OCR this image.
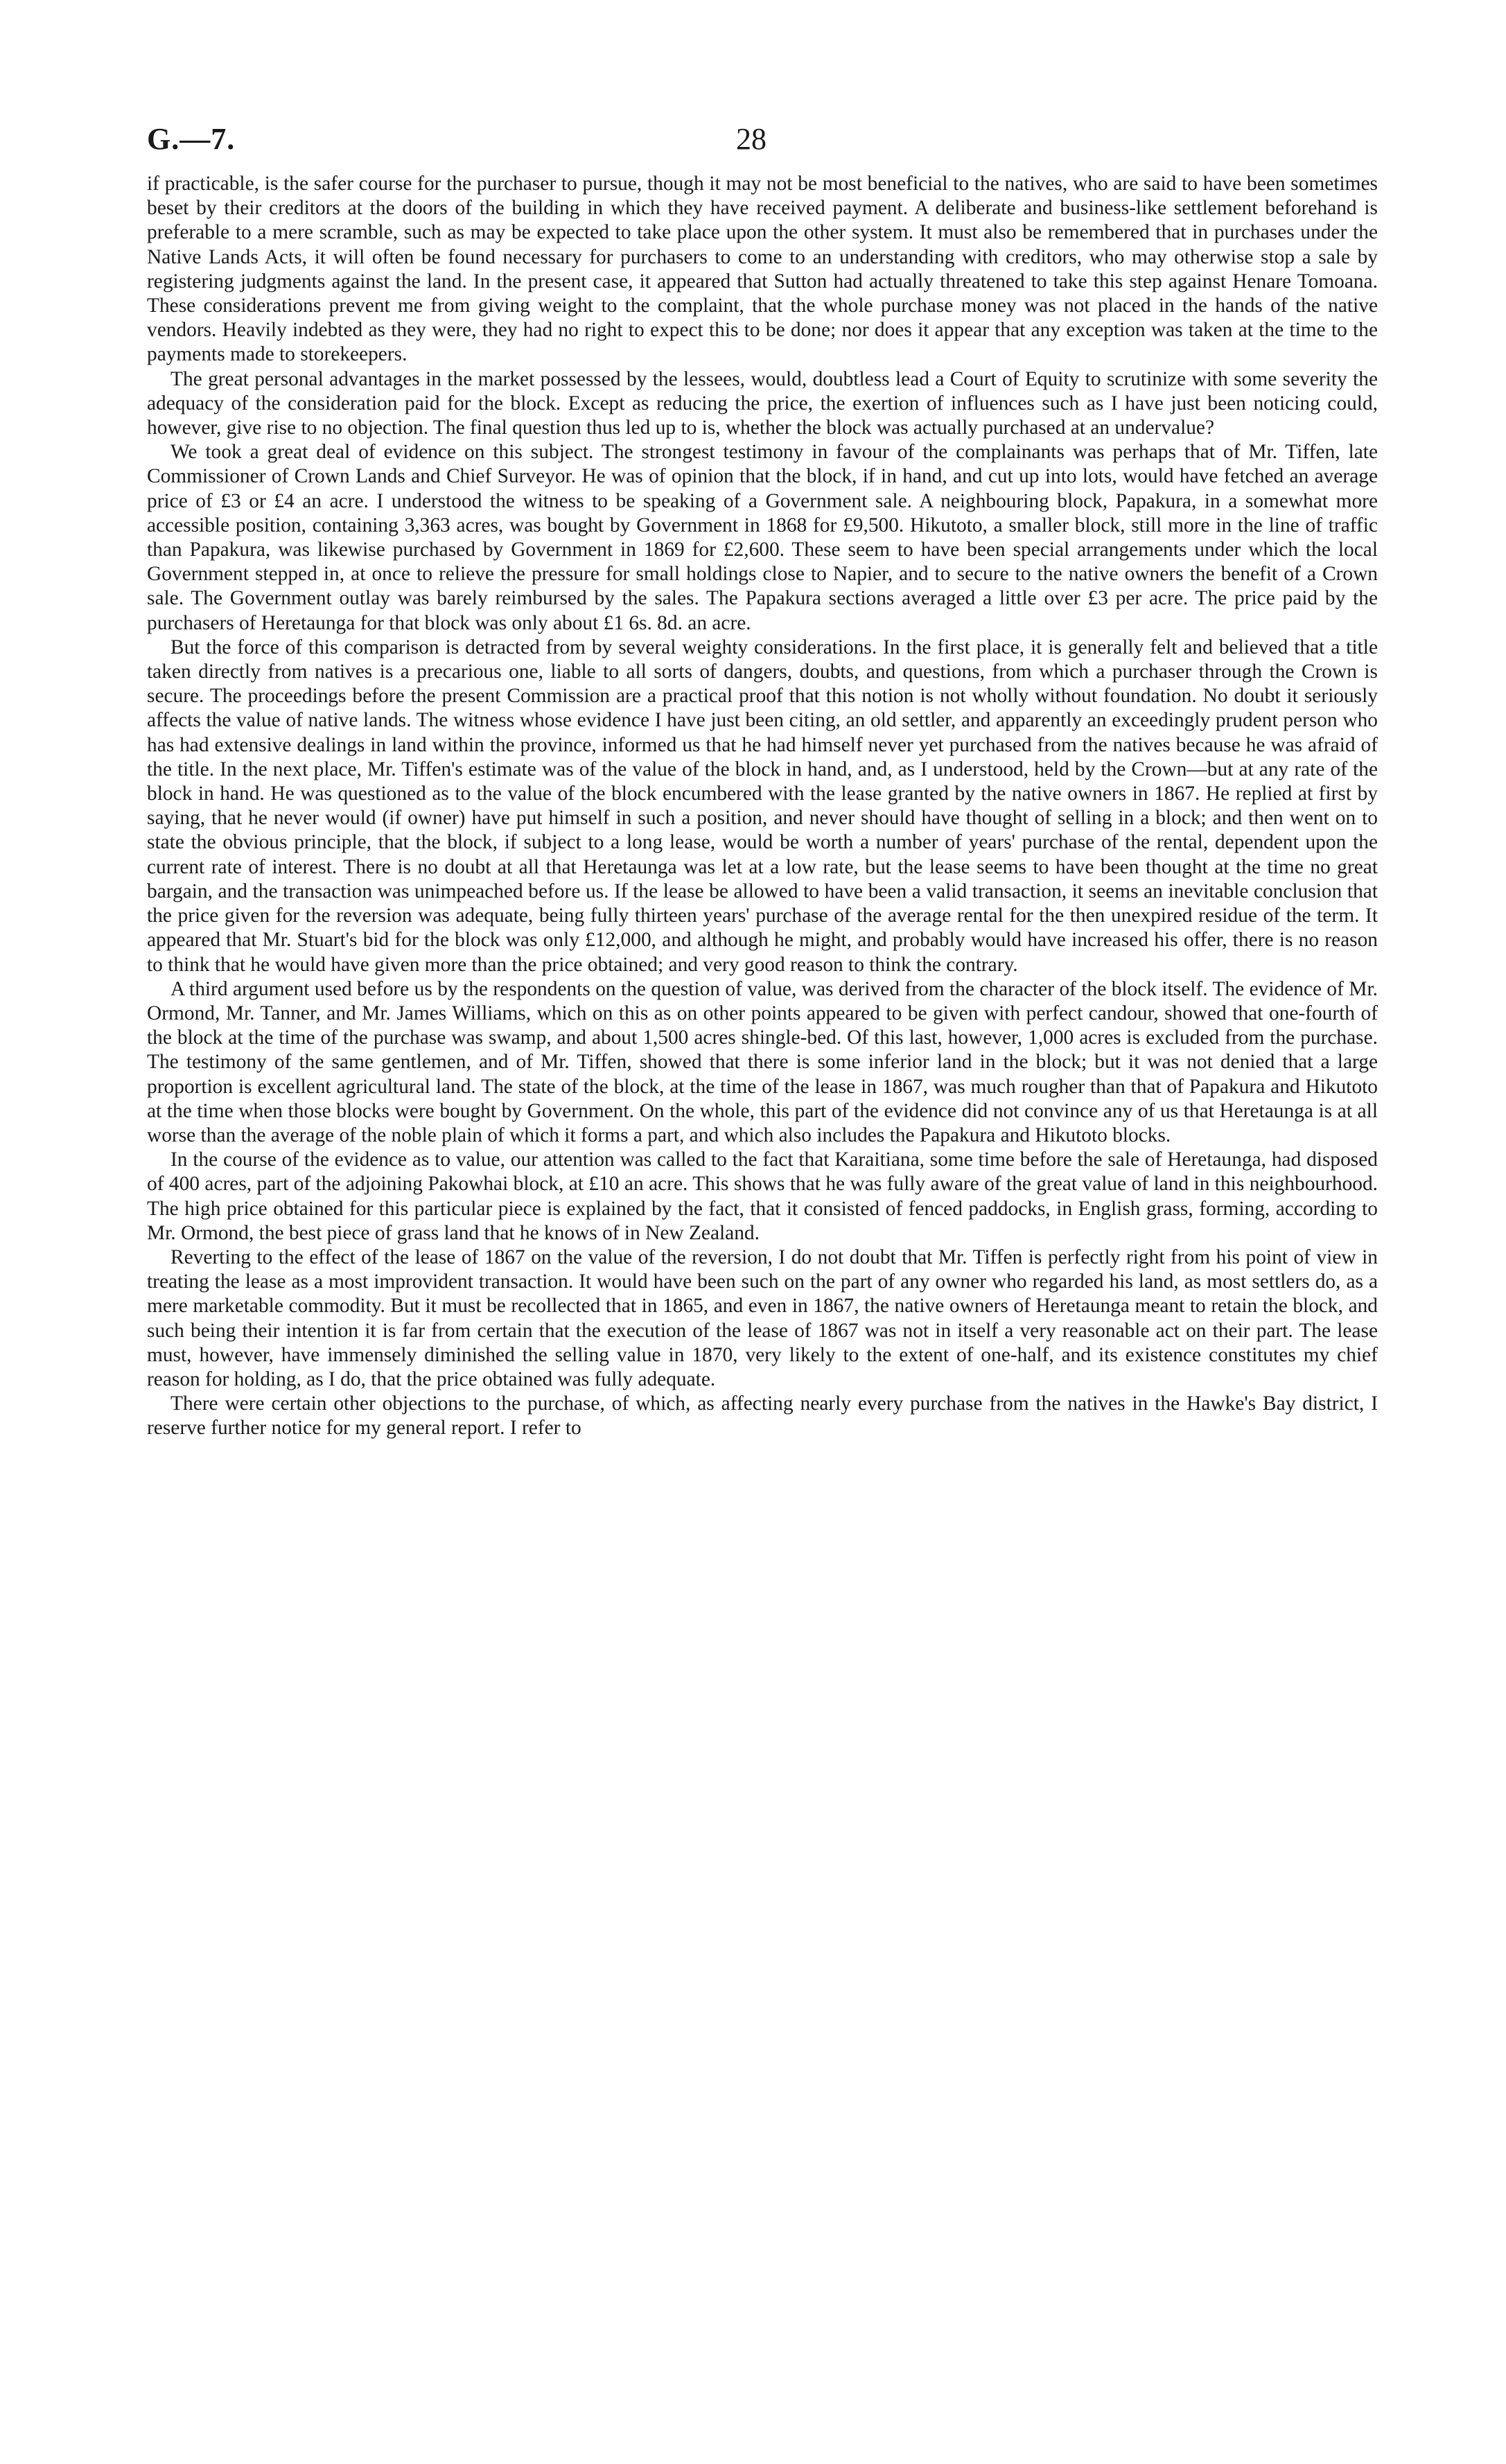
G.—7.	28

if practicable, is the safer course for the purchaser to pursue, though it may not be most beneficial to the natives, who are said to have been sometimes beset by their creditors at the doors of the building in which they have received payment. A deliberate and business-like settlement beforehand is preferable to a mere scramble, such as may be expected to take place upon the other system. It must also be remembered that in purchases under the Native Lands Acts, it will often be found necessary for purchasers to come to an understanding with creditors, who may otherwise stop a sale by registering judgments against the land. In the present case, it appeared that Sutton had actually threatened to take this step against Henare Tomoana. These considerations prevent me from giving weight to the complaint, that the whole purchase money was not placed in the hands of the native vendors. Heavily indebted as they were, they had no right to expect this to be done; nor does it appear that any exception was taken at the time to the payments made to storekeepers.

The great personal advantages in the market possessed by the lessees, would, doubtless lead a Court of Equity to scrutinize with some severity the adequacy of the consideration paid for the block. Except as reducing the price, the exertion of influences such as I have just been noticing could, however, give rise to no objection. The final question thus led up to is, whether the block was actually purchased at an undervalue?

We took a great deal of evidence on this subject. The strongest testimony in favour of the complainants was perhaps that of Mr. Tiffen, late Commissioner of Crown Lands and Chief Surveyor. He was of opinion that the block, if in hand, and cut up into lots, would have fetched an average price of £3 or £4 an acre. I understood the witness to be speaking of a Government sale. A neighbouring block, Papakura, in a somewhat more accessible position, containing 3,363 acres, was bought by Government in 1868 for £9,500. Hikutoto, a smaller block, still more in the line of traffic than Papakura, was likewise purchased by Government in 1869 for £2,600. These seem to have been special arrangements under which the local Government stepped in, at once to relieve the pressure for small holdings close to Napier, and to secure to the native owners the benefit of a Crown sale. The Government outlay was barely reimbursed by the sales. The Papakura sections averaged a little over £3 per acre. The price paid by the purchasers of Heretaunga for that block was only about £1 6s. 8d. an acre.

But the force of this comparison is detracted from by several weighty considerations. In the first place, it is generally felt and believed that a title taken directly from natives is a precarious one, liable to all sorts of dangers, doubts, and questions, from which a purchaser through the Crown is secure. The proceedings before the present Commission are a practical proof that this notion is not wholly without foundation. No doubt it seriously affects the value of native lands. The witness whose evidence I have just been citing, an old settler, and apparently an exceedingly prudent person who has had extensive dealings in land within the province, informed us that he had himself never yet purchased from the natives because he was afraid of the title. In the next place, Mr. Tiffen's estimate was of the value of the block in hand, and, as I understood, held by the Crown—but at any rate of the block in hand. He was questioned as to the value of the block encumbered with the lease granted by the native owners in 1867. He replied at first by saying, that he never would (if owner) have put himself in such a position, and never should have thought of selling in a block; and then went on to state the obvious principle, that the block, if subject to a long lease, would be worth a number of years' purchase of the rental, dependent upon the current rate of interest. There is no doubt at all that Heretaunga was let at a low rate, but the lease seems to have been thought at the time no great bargain, and the transaction was unimpeached before us. If the lease be allowed to have been a valid transaction, it seems an inevitable conclusion that the price given for the reversion was adequate, being fully thirteen years' purchase of the average rental for the then unexpired residue of the term. It appeared that Mr. Stuart's bid for the block was only £12,000, and although he might, and probably would have increased his offer, there is no reason to think that he would have given more than the price obtained; and very good reason to think the contrary.

A third argument used before us by the respondents on the question of value, was derived from the character of the block itself. The evidence of Mr. Ormond, Mr. Tanner, and Mr. James Williams, which on this as on other points appeared to be given with perfect candour, showed that one-fourth of the block at the time of the purchase was swamp, and about 1,500 acres shingle-bed. Of this last, however, 1,000 acres is excluded from the purchase. The testimony of the same gentlemen, and of Mr. Tiffen, showed that there is some inferior land in the block; but it was not denied that a large proportion is excellent agricultural land. The state of the block, at the time of the lease in 1867, was much rougher than that of Papakura and Hikutoto at the time when those blocks were bought by Government. On the whole, this part of the evidence did not convince any of us that Heretaunga is at all worse than the average of the noble plain of which it forms a part, and which also includes the Papakura and Hikutoto blocks.

In the course of the evidence as to value, our attention was called to the fact that Karaitiana, some time before the sale of Heretaunga, had disposed of 400 acres, part of the adjoining Pakowhai block, at £10 an acre. This shows that he was fully aware of the great value of land in this neighbourhood. The high price obtained for this particular piece is explained by the fact, that it consisted of fenced paddocks, in English grass, forming, according to Mr. Ormond, the best piece of grass land that he knows of in New Zealand.

Reverting to the effect of the lease of 1867 on the value of the reversion, I do not doubt that Mr. Tiffen is perfectly right from his point of view in treating the lease as a most improvident transaction. It would have been such on the part of any owner who regarded his land, as most settlers do, as a mere marketable commodity. But it must be recollected that in 1865, and even in 1867, the native owners of Heretaunga meant to retain the block, and such being their intention it is far from certain that the execution of the lease of 1867 was not in itself a very reasonable act on their part. The lease must, however, have immensely diminished the selling value in 1870, very likely to the extent of one-half, and its existence constitutes my chief reason for holding, as I do, that the price obtained was fully adequate.

There were certain other objections to the purchase, of which, as affecting nearly every purchase from the natives in the Hawke's Bay district, I reserve further notice for my general report. I refer to
